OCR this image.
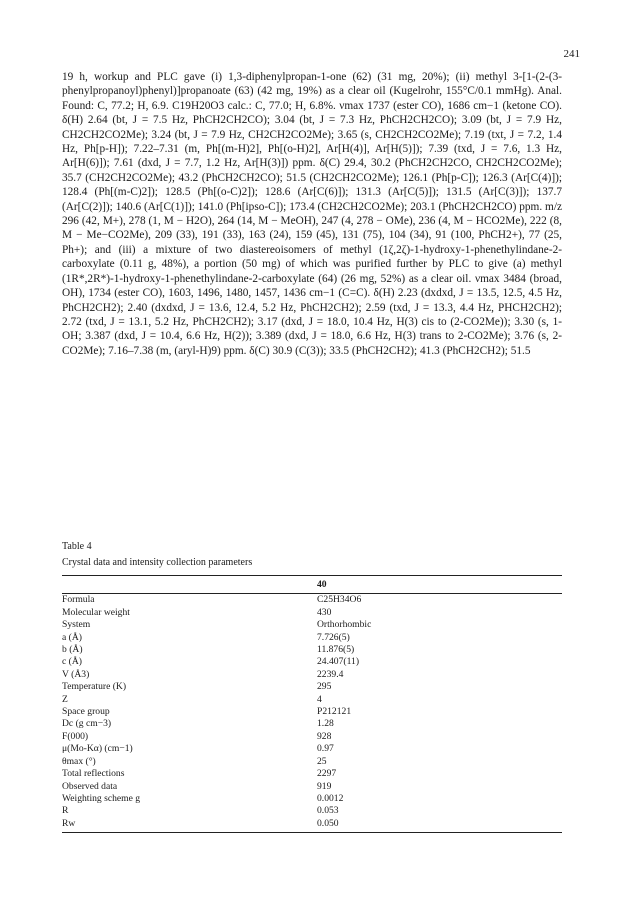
241

19 h, workup and PLC gave (i) 1,3-diphenylpropan-1-one (62) (31 mg, 20%); (ii) methyl 3-[1-(2-(3-phenylpropanoyl)phenyl)]propanoate (63) (42 mg, 19%) as a clear oil (Kugelrohr, 155°C/0.1 mmHg). Anal. Found: C, 77.2; H, 6.9. C19H20O3 calc.: C, 77.0; H, 6.8%. νmax 1737 (ester CO), 1686 cm−1 (ketone CO). δ(H) 2.64 (bt, J = 7.5 Hz, PhCH2CH2CO); 3.04 (bt, J = 7.3 Hz, PhCH2CH2CO); 3.09 (bt, J = 7.9 Hz, CH2CH2CO2Me); 3.24 (bt, J = 7.9 Hz, CH2CH2CO2Me); 3.65 (s, CH2CH2CO2Me); 7.19 (txt, J = 7.2, 1.4 Hz, Ph[p-H]); 7.22–7.31 (m, Ph[(m-H)2], Ph[(o-H)2], Ar[H(4)], Ar[H(5)]); 7.39 (txd, J = 7.6, 1.3 Hz, Ar[H(6)]); 7.61 (dxd, J = 7.7, 1.2 Hz, Ar[H(3)]) ppm. δ(C) 29.4, 30.2 (PhCH2CH2CO, CH2CH2CO2Me); 35.7 (CH2CH2CO2Me); 43.2 (PhCH2CH2CO); 51.5 (CH2CH2CO2Me); 126.1 (Ph[p-C]); 126.3 (Ar[C(4)]); 128.4 (Ph[(m-C)2]); 128.5 (Ph[(o-C)2]); 128.6 (Ar[C(6)]); 131.3 (Ar[C(5)]); 131.5 (Ar[C(3)]); 137.7 (Ar[C(2)]); 140.6 (Ar[C(1)]); 141.0 (Ph[ipso-C]); 173.4 (CH2CH2CO2Me); 203.1 (PhCH2CH2CO) ppm. m/z 296 (42, M+), 278 (1, M − H2O), 264 (14, M − MeOH), 247 (4, 278 − OMe), 236 (4, M − HCO2Me), 222 (8, M − Me−CO2Me), 209 (33), 191 (33), 163 (24), 159 (45), 131 (75), 104 (34), 91 (100, PhCH2+), 77 (25, Ph+); and (iii) a mixture of two diastereoisomers of methyl (1ζ,2ζ)-1-hydroxy-1-phenethylindane-2-carboxylate (0.11 g, 48%), a portion (50 mg) of which was purified further by PLC to give (a) methyl (1R*,2R*)-1-hydroxy-1-phenethylindane-2-carboxylate (64) (26 mg, 52%) as a clear oil. νmax 3484 (broad, OH), 1734 (ester CO), 1603, 1496, 1480, 1457, 1436 cm−1 (C=C). δ(H) 2.23 (dxdxd, J = 13.5, 12.5, 4.5 Hz, PhCH2CH2); 2.40 (dxdxd, J = 13.6, 12.4, 5.2 Hz, PhCH2CH2); 2.59 (txd, J = 13.3, 4.4 Hz, PHCH2CH2); 2.72 (txd, J = 13.1, 5.2 Hz, PhCH2CH2); 3.17 (dxd, J = 18.0, 10.4 Hz, H(3) cis to (2-CO2Me)); 3.30 (s, 1-OH; 3.387 (dxd, J = 10.4, 6.6 Hz, H(2)); 3.389 (dxd, J = 18.0, 6.6 Hz, H(3) trans to 2-CO2Me); 3.76 (s, 2-CO2Me); 7.16–7.38 (m, (aryl-H)9) ppm. δ(C) 30.9 (C(3)); 33.5 (PhCH2CH2); 41.3 (PhCH2CH2); 51.5

Table 4
Crystal data and intensity collection parameters
	40
Formula	C25H34O6
Molecular weight	430
System	Orthorhombic
a (Å)	7.726(5)
b (Å)	11.876(5)
c (Å)	24.407(11)
V (Å3)	2239.4
Temperature (K)	295
Z	4
Space group	P212121
Dc (g cm−3)	1.28
F(000)	928
μ(Mo-Kα) (cm−1)	0.97
θmax (°)	25
Total reflections	2297
Observed data	919
Weighting scheme g	0.0012
R	0.053
Rw	0.050
